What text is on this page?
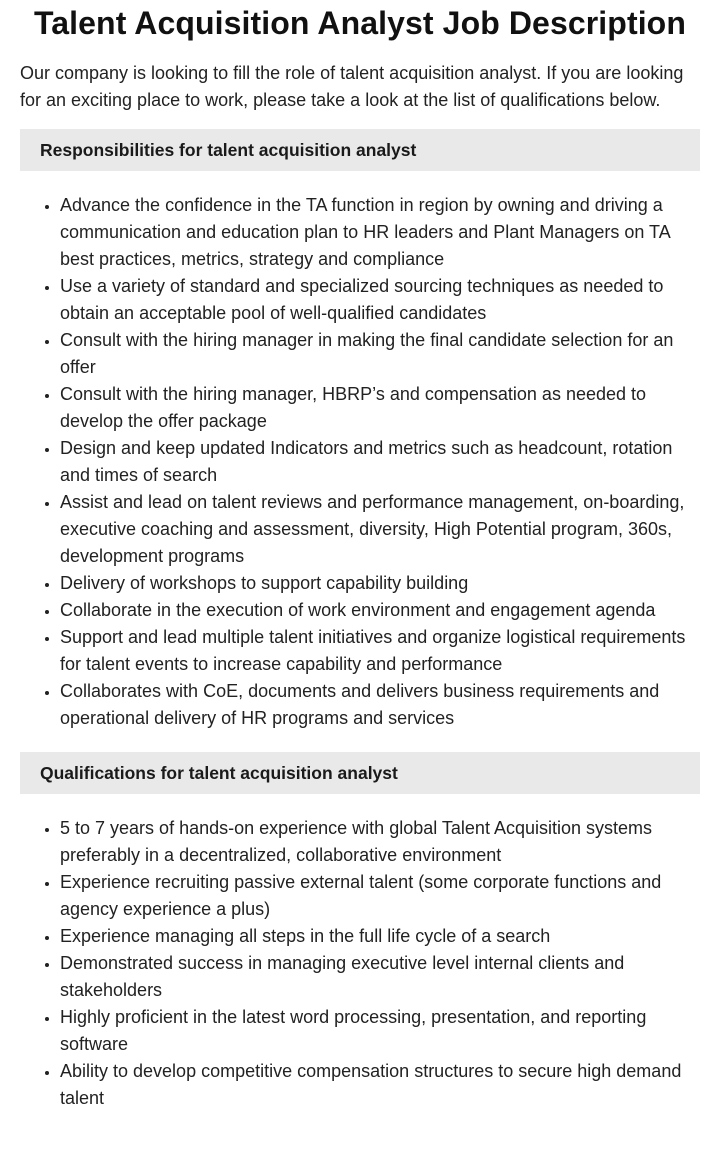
Talent Acquisition Analyst Job Description

Our company is looking to fill the role of talent acquisition analyst. If you are looking for an exciting place to work, please take a look at the list of qualifications below.

Responsibilities for talent acquisition analyst
• Advance the confidence in the TA function in region by owning and driving a communication and education plan to HR leaders and Plant Managers on TA best practices, metrics, strategy and compliance
• Use a variety of standard and specialized sourcing techniques as needed to obtain an acceptable pool of well-qualified candidates
• Consult with the hiring manager in making the final candidate selection for an offer
• Consult with the hiring manager, HBRP’s and compensation as needed to develop the offer package
• Design and keep updated Indicators and metrics such as headcount, rotation and times of search
• Assist and lead on talent reviews and performance management, on-boarding, executive coaching and assessment, diversity, High Potential program, 360s, development programs
• Delivery of workshops to support capability building
• Collaborate in the execution of work environment and engagement agenda
• Support and lead multiple talent initiatives and organize logistical requirements for talent events to increase capability and performance
• Collaborates with CoE, documents and delivers business requirements and operational delivery of HR programs and services
Qualifications for talent acquisition analyst
• 5 to 7 years of hands-on experience with global Talent Acquisition systems preferably in a decentralized, collaborative environment
• Experience recruiting passive external talent (some corporate functions and agency experience a plus)
• Experience managing all steps in the full life cycle of a search
• Demonstrated success in managing executive level internal clients and stakeholders
• Highly proficient in the latest word processing, presentation, and reporting software
• Ability to develop competitive compensation structures to secure high demand talent
